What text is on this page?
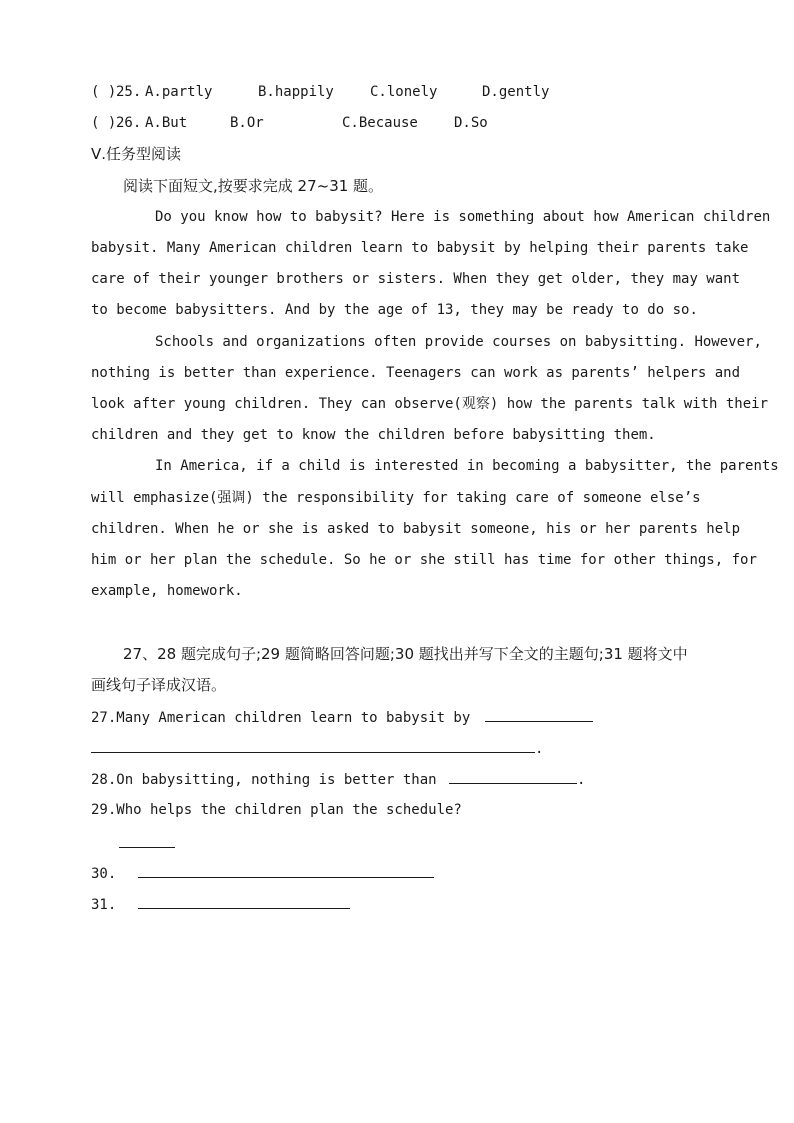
( ) 25. A.partly	B.happily	C.lonely	D.gently
( ) 26. A.But	B.Or	C.Because	D.So
Ⅴ.任务型阅读
阅读下面短文,按要求完成 27~31 题。
Do you know how to babysit? Here is something about how American children
babysit. Many American children learn to babysit by helping their parents take
care of their younger brothers or sisters. When they get older, they may want
to become babysitters. And by the age of 13, they may be ready to do so.
Schools and organizations often provide courses on babysitting. However,
nothing is better than experience. Teenagers can work as parents’ helpers and
look after young children. They can observe(观察) how the parents talk with their
children and they get to know the children before babysitting them.
In America, if a child is interested in becoming a babysitter, the parents
will emphasize(强调) the responsibility for taking care of someone else’s
children. When he or she is asked to babysit someone, his or her parents help
him or her plan the schedule. So he or she still has time for other things, for
example, homework.
27、28 题完成句子;29 题简略回答问题;30 题找出并写下全文的主题句;31 题将文中
画线句子译成汉语。
27.Many American children learn to babysit by
.
28.On babysitting, nothing is better than	.
29.Who helps the children plan the schedule?
30.
31.
